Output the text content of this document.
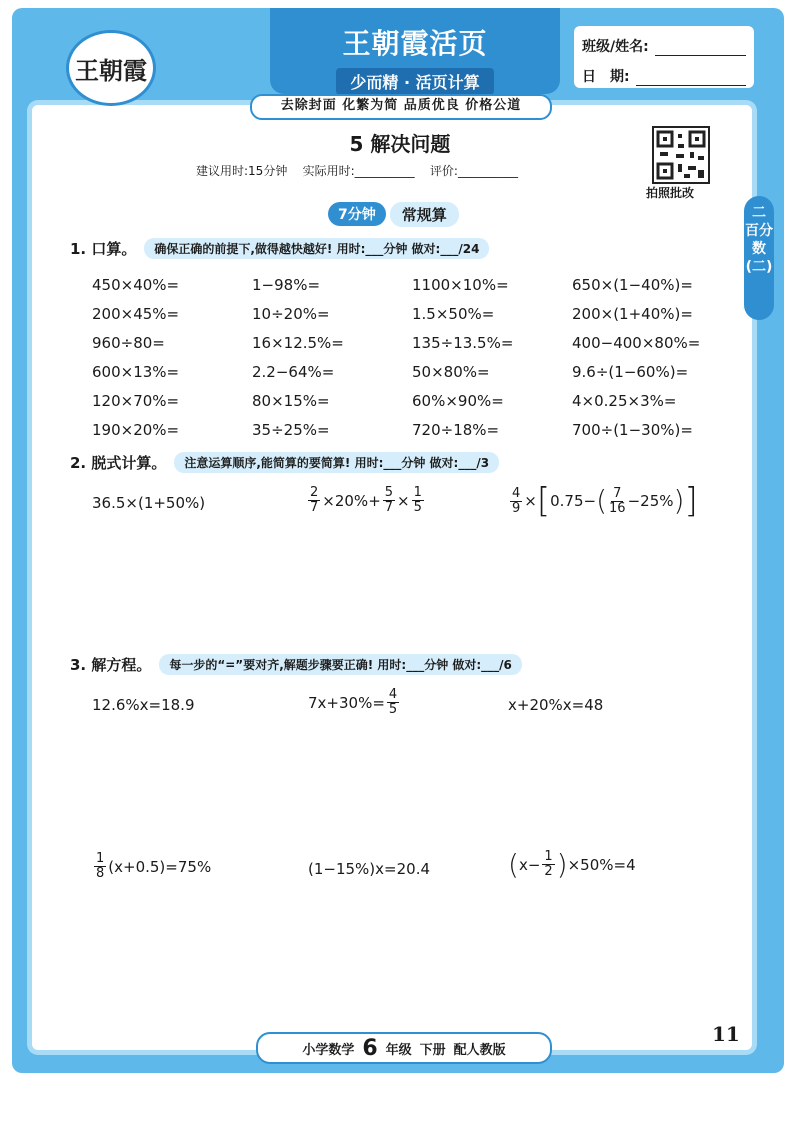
王朝霞
王朝霞活页
少而精 · 活页计算
班级/姓名:
日　期:
去除封面 化繁为简 品质优良 价格公道
5 解决问题
建议用时:15分钟 实际用时:__________ 评价:__________
拍照批改
二 百分数(二)
7分钟	常规算
1. 口算。	确保正确的前提下,做得越快越好! 用时:___分钟 做对:___/24
450×40%=	1−98%=	1100×10%=	650×(1−40%)=
200×45%=	10÷20%=	1.5×50%=	200×(1+40%)=
960÷80=	16×12.5%=	135÷13.5%=	400−400×80%=
600×13%=	2.2−64%=	50×80%=	9.6÷(1−60%)=
120×70%=	80×15%=	60%×90%=	4×0.25×3%=
190×20%=	35÷25%=	720÷18%=	700÷(1−30%)=
2. 脱式计算。	注意运算顺序,能简算的要简算! 用时:___分钟 做对:___/3
36.5×(1+50%)	$\frac{2}{7} \times 20\%+ \frac{5}{7} \times \frac{1}{5}$	$\frac{4}{9}$ × [ 0.75− ( $\frac{7}{16} -25\%$ ) ]
3. 解方程。	每一步的“=”要对齐,解题步骤要正确! 用时:___分钟 做对:___/6
12.6%x=18.9	$7x+30\%= \frac{4}{5}$	x+20%x=48
$\frac{1}{8} (x+0.5)=75\%$	(1−15%)x=20.4	( $x- \frac{1}{2}$ ) ×50%=4
小学数学 6 年级 下册 配人教版
11
